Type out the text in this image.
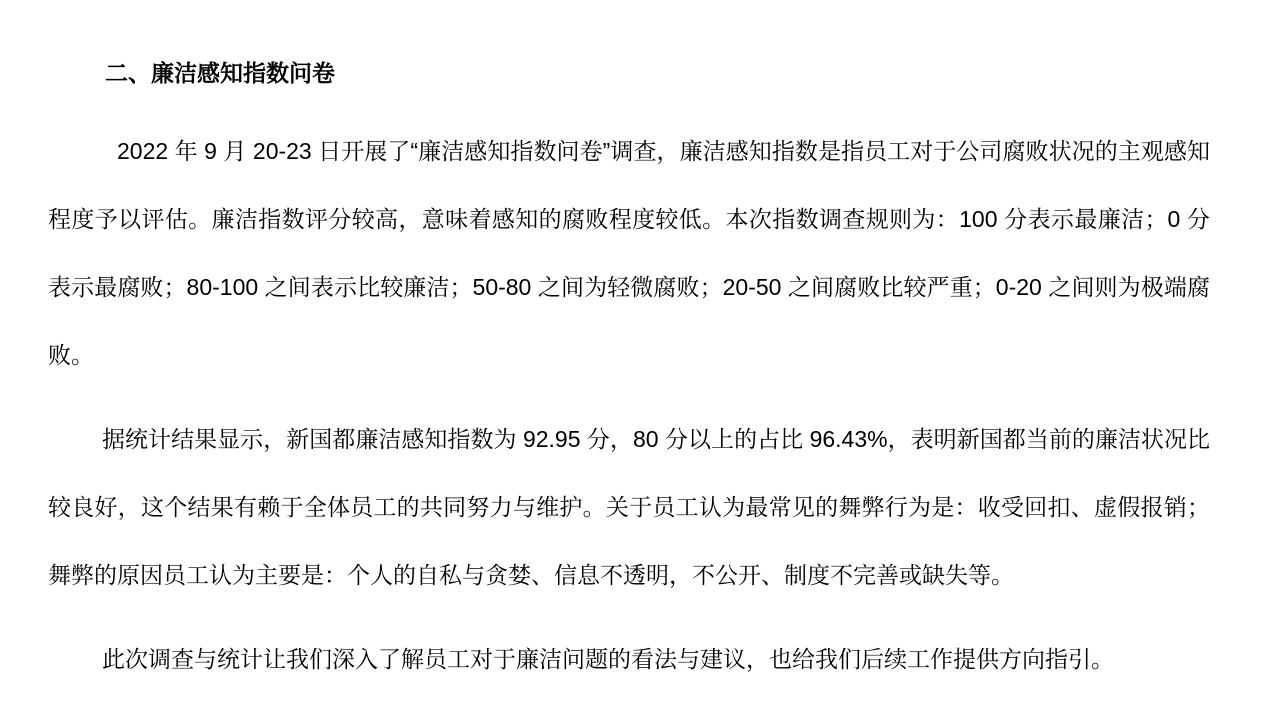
二、廉洁感知指数问卷

2022 年 9 月 20-23 日开展了“廉洁感知指数问卷”调查，廉洁感知指数是指员工对于公司腐败状况的主观感知程度予以评估。廉洁指数评分较高，意味着感知的腐败程度较低。本次指数调查规则为：100 分表示最廉洁；0 分表示最腐败；80-100 之间表示比较廉洁；50-80 之间为轻微腐败；20-50 之间腐败比较严重；0-20 之间则为极端腐败。

据统计结果显示，新国都廉洁感知指数为 92.95 分，80 分以上的占比 96.43%，表明新国都当前的廉洁状况比较良好，这个结果有赖于全体员工的共同努力与维护。关于员工认为最常见的舞弊行为是：收受回扣、虚假报销；舞弊的原因员工认为主要是：个人的自私与贪婪、信息不透明，不公开、制度不完善或缺失等。

此次调查与统计让我们深入了解员工对于廉洁问题的看法与建议，也给我们后续工作提供方向指引。
